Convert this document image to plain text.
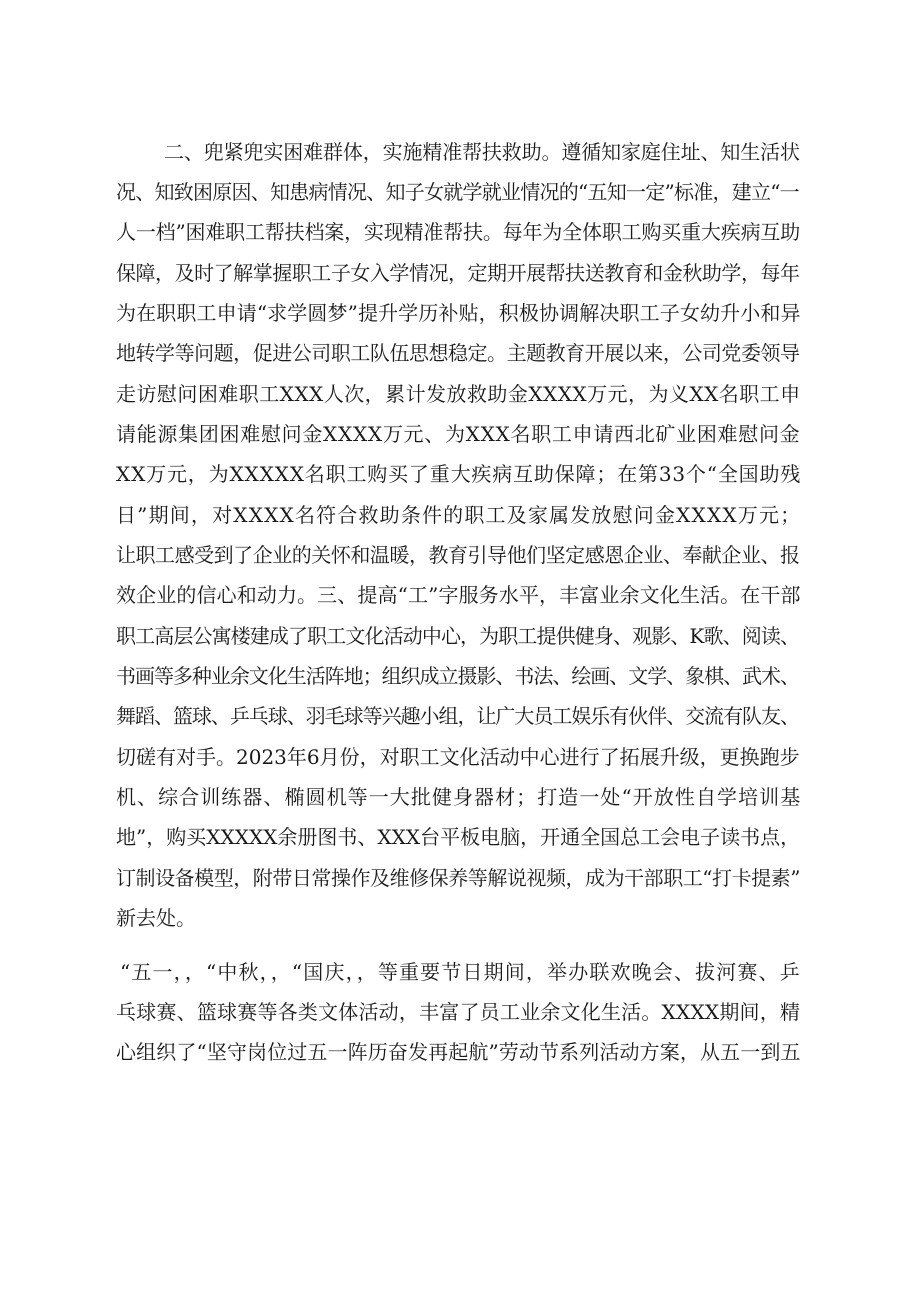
二、兜紧兜实困难群体，实施精准帮扶救助。遵循知家庭住址、知生活状
况、知致困原因、知患病情况、知子女就学就业情况的“五知一定”标准，建立“一
人一档”困难职工帮扶档案，实现精准帮扶。每年为全体职工购买重大疾病互助
保障，及时了解掌握职工子女入学情况，定期开展帮扶送教育和金秋助学，每年
为在职职工申请“求学圆梦”提升学历补贴，积极协调解决职工子女幼升小和异
地转学等问题，促进公司职工队伍思想稳定。主题教育开展以来，公司党委领导
走访慰问困难职工XXX人次，累计发放救助金XXXX万元，为义XX名职工申
请能源集团困难慰问金XXXX万元、为XXX名职工申请西北矿业困难慰问金
XX万元，为XXXXX名职工购买了重大疾病互助保障；在第33个“全国助残
日”期间，对XXXX名符合救助条件的职工及家属发放慰问金XXXX万元；
让职工感受到了企业的关怀和温暖，教育引导他们坚定感恩企业、奉献企业、报
效企业的信心和动力。三、提高“工”字服务水平，丰富业余文化生活。在干部
职工高层公寓楼建成了职工文化活动中心，为职工提供健身、观影、K歌、阅读、
书画等多种业余文化生活阵地；组织成立摄影、书法、绘画、文学、象棋、武术、
舞蹈、篮球、乒乓球、羽毛球等兴趣小组，让广大员工娱乐有伙伴、交流有队友、
切磋有对手。2023年6月份，对职工文化活动中心进行了拓展升级，更换跑步
机、综合训练器、椭圆机等一大批健身器材；打造一处“开放性自学培训基
地”，购买XXXXX余册图书、XXX台平板电脑，开通全国总工会电子读书点，
订制设备模型，附带日常操作及维修保养等解说视频，成为干部职工“打卡提素”
新去处。
“五一，，“中秋，，“国庆，，等重要节日期间，举办联欢晚会、拔河赛、乒
乓球赛、篮球赛等各类文体活动，丰富了员工业余文化生活。XXXX期间，精
心组织了“坚守岗位过五一阵历奋发再起航”劳动节系列活动方案，从五一到五
